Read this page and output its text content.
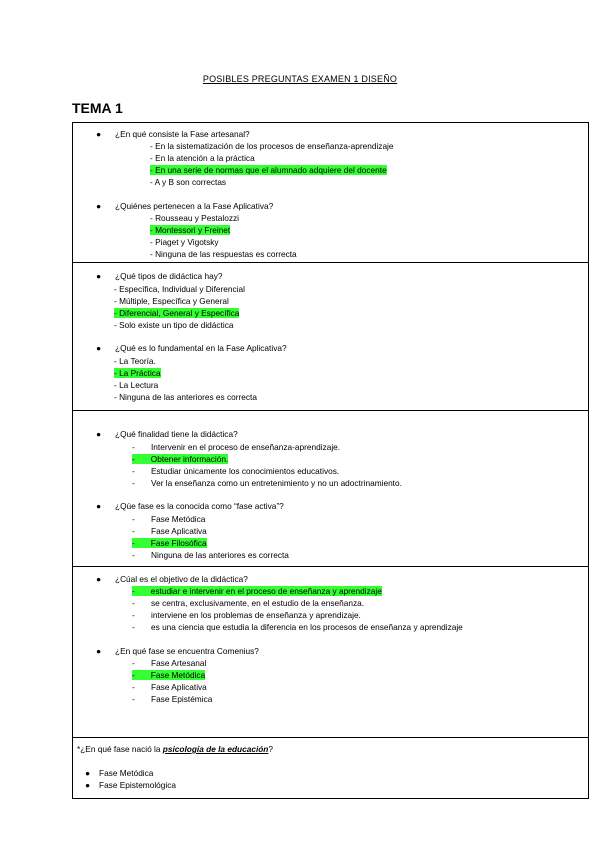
POSIBLES PREGUNTAS EXAMEN 1 DISEÑO
TEMA 1
● ¿En qué consiste la Fase artesanal?
- En la sistematización de los procesos de enseñanza-aprendizaje
- En la atención a la práctica
- En una serie de normas que el alumnado adquiere del docente
- A y B son correctas
● ¿Quiénes pertenecen a la Fase Aplicativa?
- Rousseau y Pestalozzi
- Montessori y Freinet
- Piaget y Vigotsky
- Ninguna de las respuestas es correcta
● ¿Qué tipos de didáctica hay?
- Específica, Individual y Diferencial
- Múltiple, Específica y General
- Diferencial, General y Específica
- Solo existe un tipo de didáctica
● ¿Qué es lo fundamental en la Fase Aplicativa?
- La Teoría.
- La Práctica
- La Lectura
- Ninguna de las anteriores es correcta
● ¿Qué finalidad tiene la didáctica?
- Intervenir en el proceso de enseñanza-aprendizaje.
- Obtener información.
- Estudiar únicamente los conocimientos educativos.
- Ver la enseñanza como un entretenimiento y no un adoctrinamiento.
● ¿Qúe fase es la conocida como “fase activa”?
- Fase Metódica
- Fase Aplicativa
- Fase Filosófica
- Ninguna de las anteriores es correcta
● ¿Cúal es el objetivo de la didáctica?
- estudiar e intervenir en el proceso de enseñanza y aprendizaje
- se centra, exclusivamente, en el estudio de la enseñanza.
- interviene en los problemas de enseñanza y aprendizaje.
- es una ciencia que estudia la diferencia en los procesos de enseñanza y aprendizaje
● ¿En qué fase se encuentra Comenius?
- Fase Artesanal
- Fase Metódica
- Fase Aplicativa
- Fase Epistémica
*¿En qué fase nació la psicología de la educación?
● Fase Metódica
● Fase Epistemológica
